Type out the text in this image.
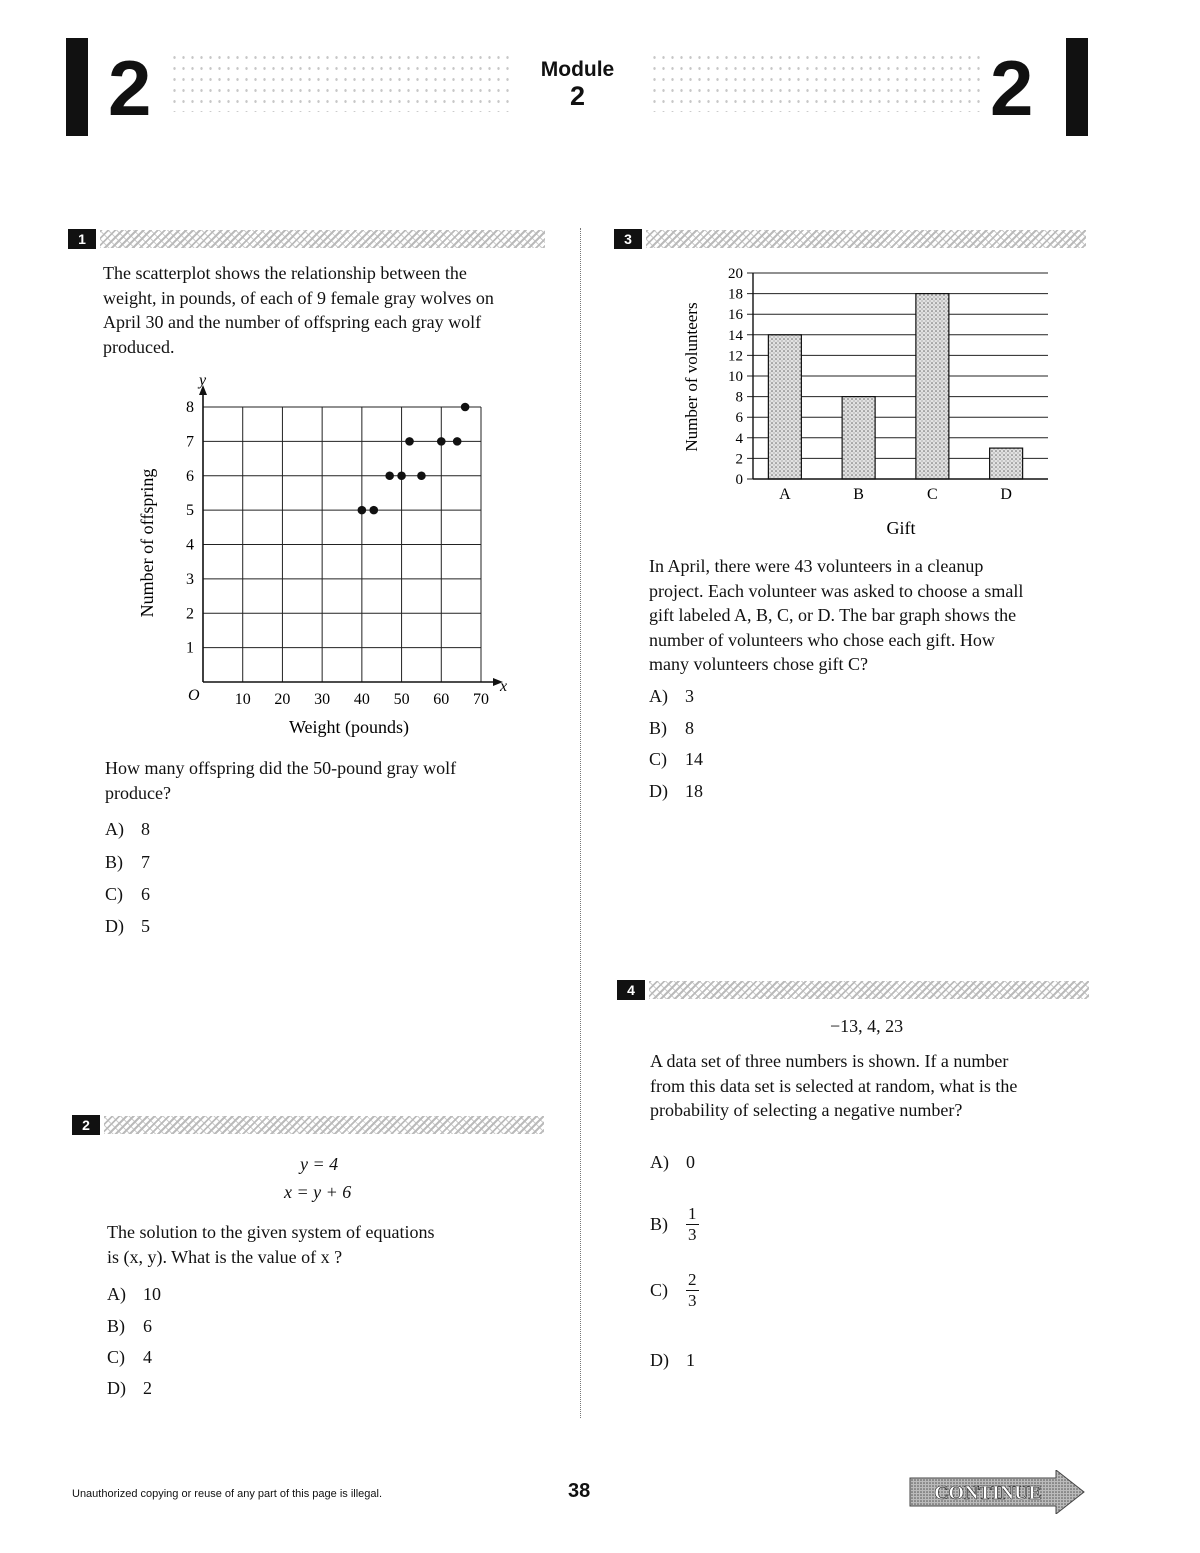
2	Module
2	2
1
The scatterplot shows the relationship between the
weight, in pounds, of each of 9 female gray wolves on
April 30 and the number of offspring each gray wolf
produced.
10 20 30 40 50 60 70
1
2
3
4
5
6
7
8
Number of offspring
Weight (pounds)
x
y
O
How many offspring did the 50-pound gray wolf
produce?
A) 8
B) 7
C) 6
D) 5
2
y = 4
x = y + 6
The solution to the given system of equations
is (x, y). What is the value of x ?
A) 10
B) 6
C) 4
D) 2
3
0
2
4
6
8
10
12
14
16
18
20
A	B	C	D
Number of volunteers
Gift
In April, there were 43 volunteers in a cleanup
project. Each volunteer was asked to choose a small
gift labeled A, B, C, or D. The bar graph shows the
number of volunteers who chose each gift. How
many volunteers chose gift C?
A) 3
B) 8
C) 14
D) 18
4
−13, 4, 23
A data set of three numbers is shown. If a number
from this data set is selected at random, what is the
probability of selecting a negative number?
A) 0
$B) \frac{1}{3}$
$C) \frac{2}{3}$
D) 1
Unauthorized copying or reuse of any part of this page is illegal.	38	CONTINUE
